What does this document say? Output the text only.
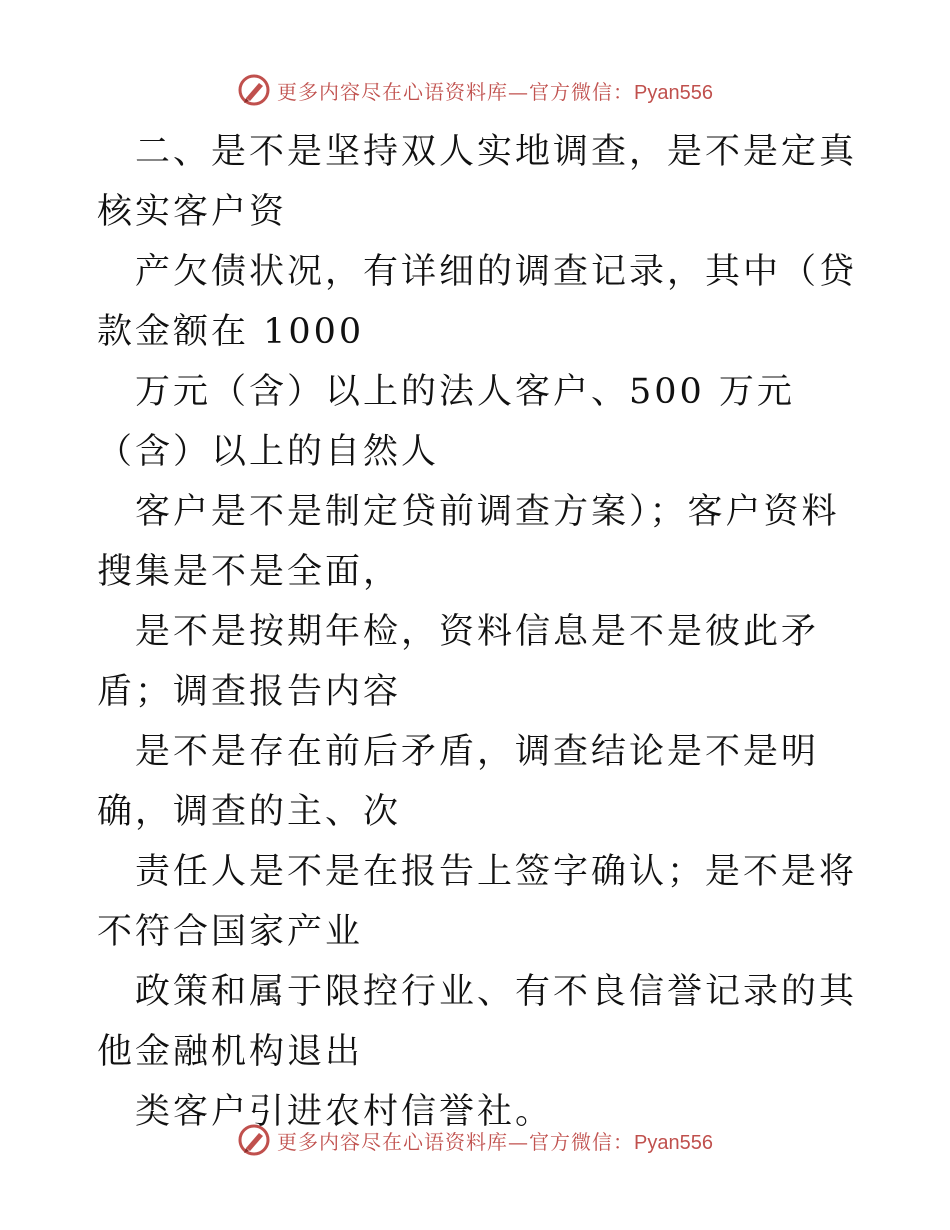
更多内容尽在心语资料库—官方微信：Pyan556

二、是不是坚持双人实地调查，是不是定真核实客户资

产欠债状况，有详细的调查记录，其中（贷款金额在 1000

万元（含）以上的法人客户、500 万元（含）以上的自然人

客户是不是制定贷前调查方案）；客户资料搜集是不是全面，

是不是按期年检，资料信息是不是彼此矛盾；调查报告内容

是不是存在前后矛盾，调查结论是不是明确，调查的主、次

责任人是不是在报告上签字确认；是不是将不符合国家产业

政策和属于限控行业、有不良信誉记录的其他金融机构退出

类客户引进农村信誉社。

更多内容尽在心语资料库—官方微信：Pyan556
